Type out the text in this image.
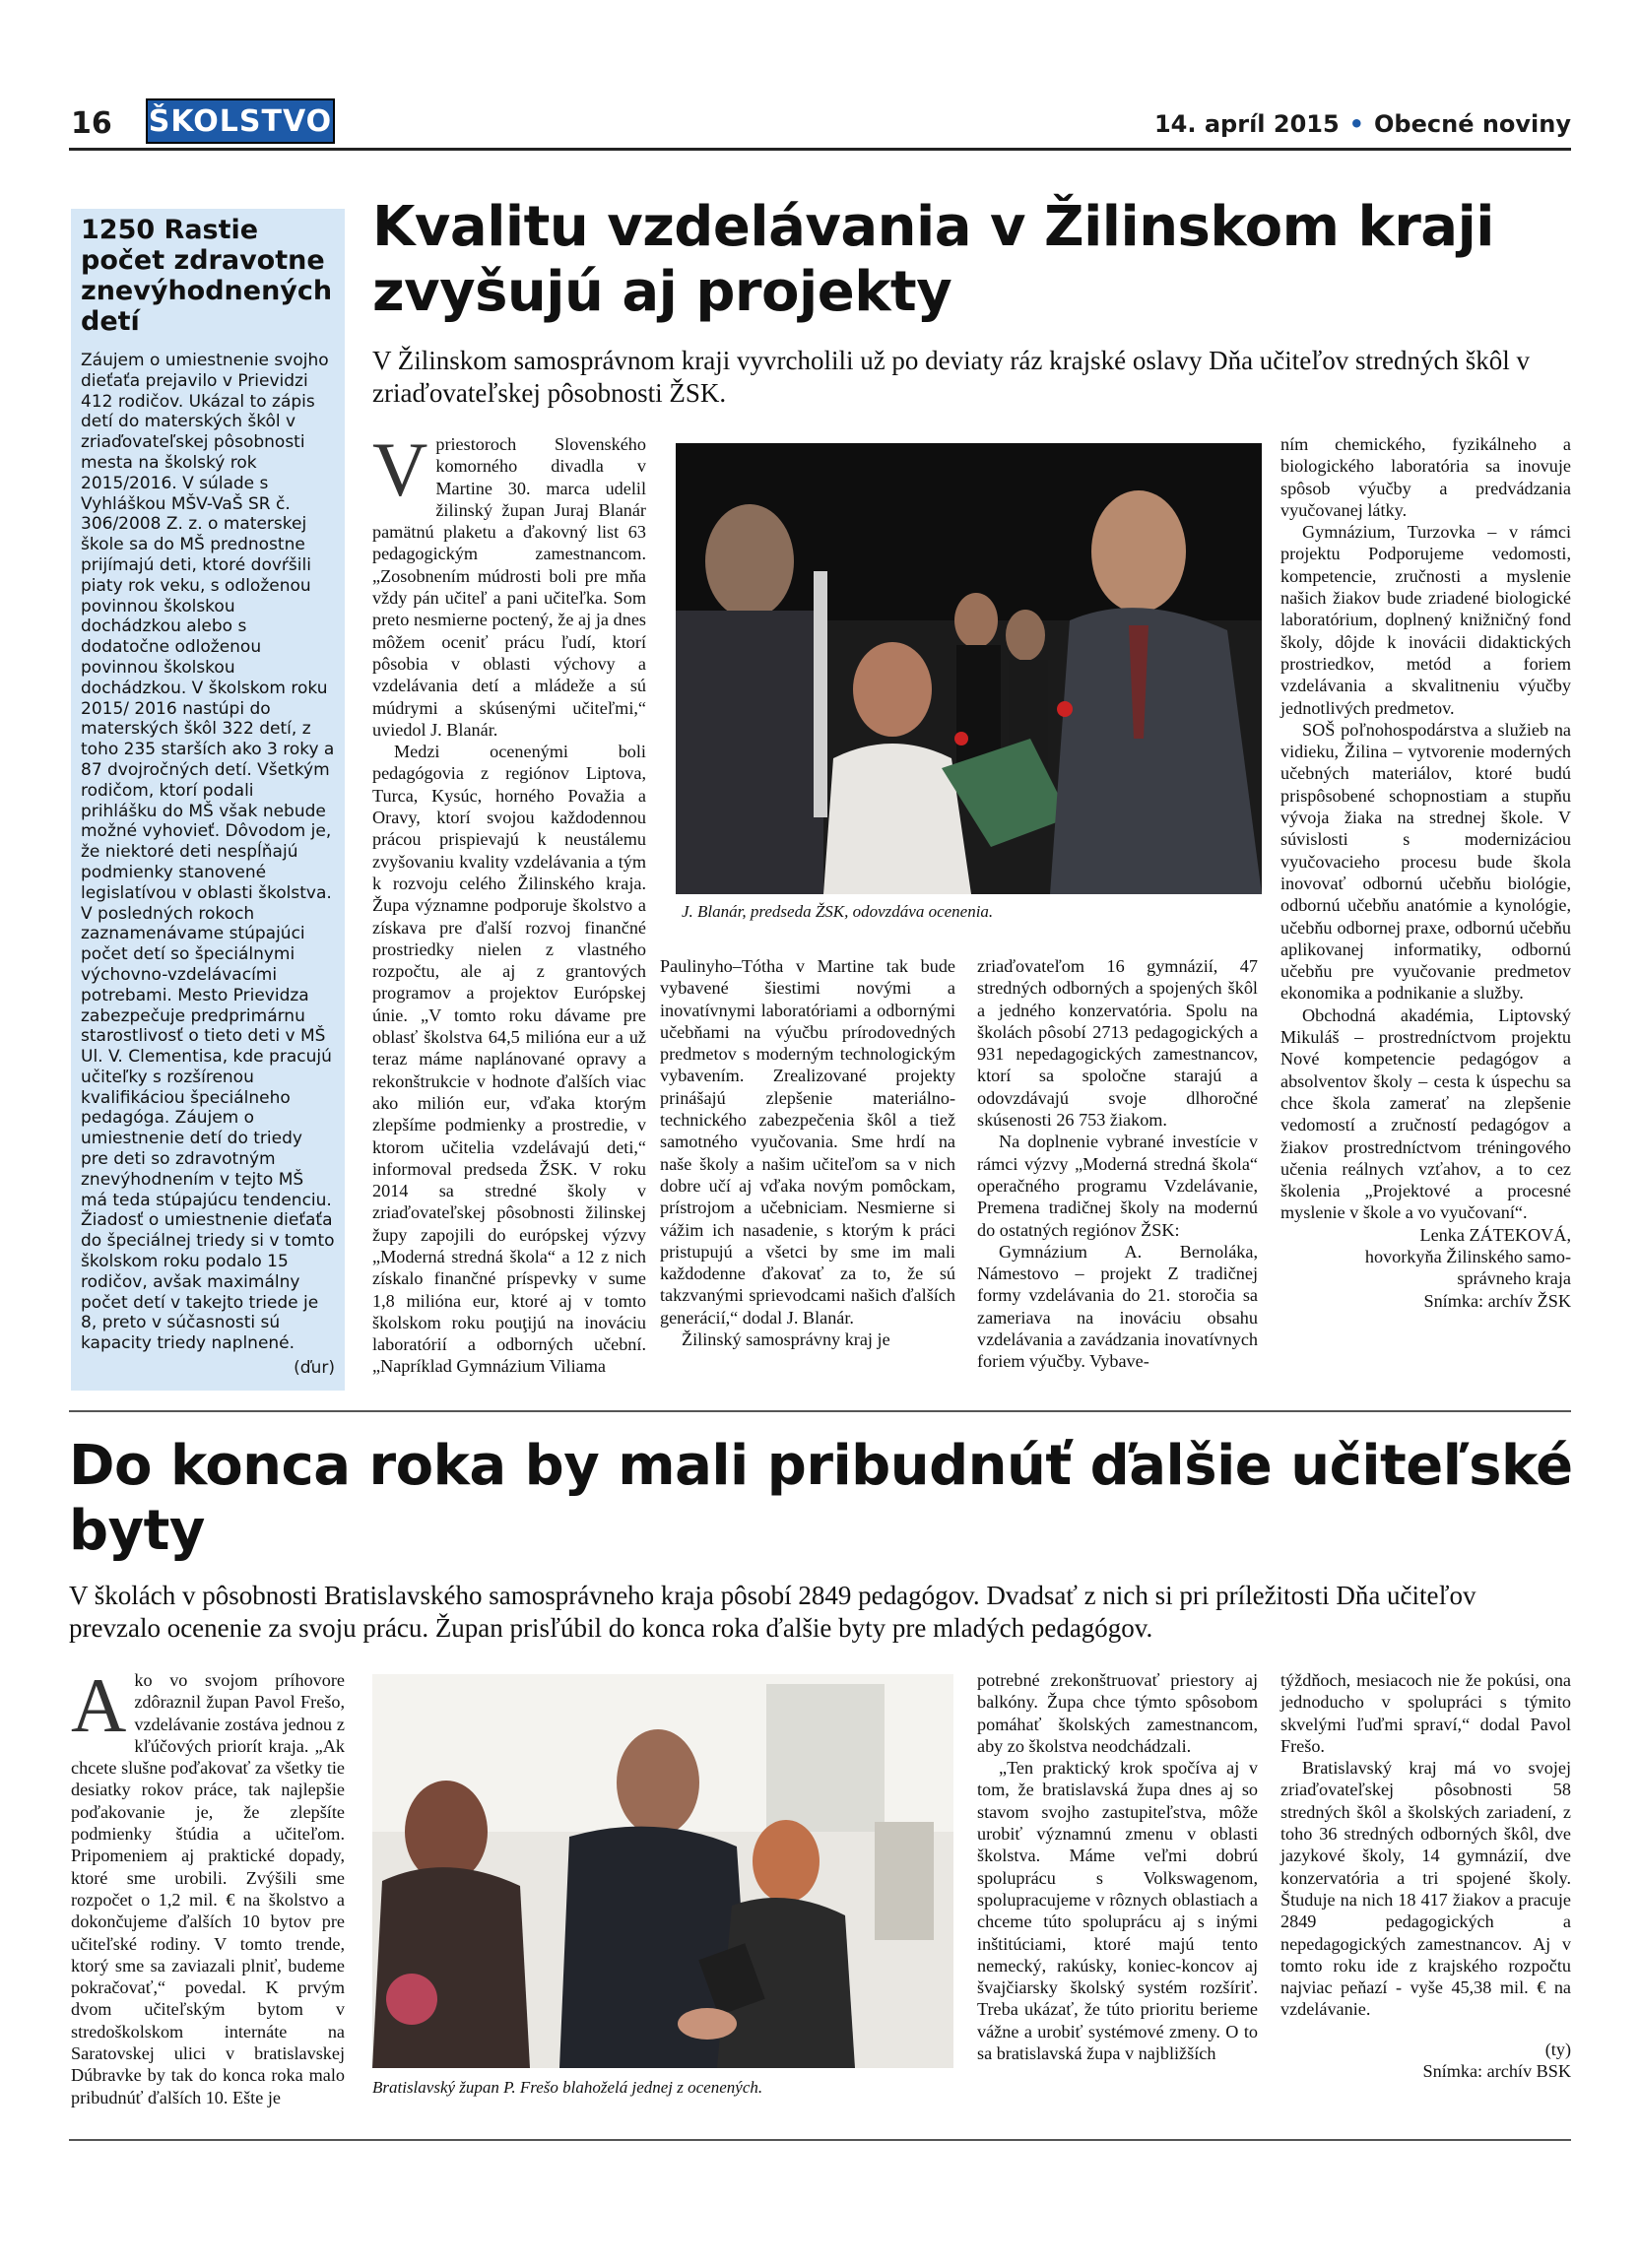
16 ŠKOLSTVO	14. apríl 2015 • Obecné noviny
1250 Rastie počet zdravotne znevýhodnených detí
Záujem o umiestnenie svojho dieťaťa prejavilo v Prievidzi 412 rodičov. Ukázal to zápis detí do materských škôl v zriaďovateľskej pôsobnosti mesta na školský rok 2015/2016. V súlade s Vyhláškou MŠV-VaŠ SR č. 306/2008 Z. z. o materskej škole sa do MŠ prednostne prijímajú deti, ktoré dovŕšili piaty rok veku, s odloženou povinnou školskou dochádzkou alebo s dodatočne odloženou povinnou školskou dochádzkou. V školskom roku 2015/ 2016 nastúpi do materských škôl 322 detí, z toho 235 starších ako 3 roky a 87 dvojročných detí. Všetkým rodičom, ktorí podali prihlášku do MŠ však nebude možné vyhovieť. Dôvodom je, že niektoré deti nespĺňajú podmienky stanovené legislatívou v oblasti školstva. V posledných rokoch zaznamenávame stúpajúci počet detí so špeciálnymi výchovno-vzdelávacími potrebami. Mesto Prievidza zabezpečuje predprimárnu starostlivosť o tieto deti v MŠ Ul. V. Clementisa, kde pracujú učiteľky s rozšírenou kvalifikáciou špeciálneho pedagóga. Záujem o umiestnenie detí do triedy pre deti so zdravotným znevýhodnením v tejto MŠ má teda stúpajúcu tendenciu. Žiadosť o umiestnenie dieťaťa do špeciálnej triedy si v tomto školskom roku podalo 15 rodičov, avšak maximálny počet detí v takejto triede je 8, preto v súčasnosti sú kapacity triedy naplnené.
(ďur)
Kvalitu vzdelávania v Žilinskom kraji zvyšujú aj projekty
V Žilinskom samosprávnom kraji vyvrcholili už po deviaty ráz krajské oslavy Dňa učiteľov stredných škôl v zriaďovateľskej pôsobnosti ŽSK.
V priestoroch Slovenského komorného divadla v Martine 30. marca udelil žilinský župan Juraj Blanár pamätnú plaketu a ďakovný list 63 pedagogickým zamestnancom. „Zosobnením múdrosti boli pre mňa vždy pán učiteľ a pani učiteľka. Som preto nesmierne poctený, že aj ja dnes môžem oceniť prácu ľudí, ktorí pôsobia v oblasti výchovy a vzdelávania detí a mládeže a sú múdrymi a skúsenými učiteľmi,“ uviedol J. Blanár.

Medzi ocenenými boli pedagógovia z regiónov Liptova, Turca, Kysúc, horného Považia a Oravy, ktorí svojou každodennou prácou prispievajú k neustálemu zvyšovaniu kvality vzdelávania a tým k rozvoju celého Žilinského kraja. Župa významne podporuje školstvo a získava pre ďalší rozvoj finančné prostriedky nielen z vlastného rozpočtu, ale aj z grantových programov a projektov Európskej únie. „V tomto roku dávame pre oblasť školstva 64,5 milióna eur a už teraz máme naplánované opravy a rekonštrukcie v hodnote ďalších viac ako milión eur, vďaka ktorým zlepšíme podmienky a prostredie, v ktorom učitelia vzdelávajú deti,“ informoval predseda ŽSK. V roku 2014 sa stredné školy v zriaďovateľskej pôsobnosti žilinskej župy zapojili do európskej výzvy „Moderná stredná škola“ a 12 z nich získalo finančné príspevky v sume 1,8 milióna eur, ktoré aj v tomto školskom roku pouţijú na inováciu laboratórií a odborných učební. „Napríklad Gymnázium Viliama

J. Blanár, predseda ŽSK, odovzdáva ocenenia.

Paulinyho–Tótha v Martine tak bude vybavené šiestimi novými a inovatívnymi laboratóriami a odbornými učebňami na výučbu prírodovedných predmetov s moderným technologickým vybavením. Zrealizované projekty prinášajú zlepšenie materiálno-technického zabezpečenia škôl a tiež samotného vyučovania. Sme hrdí na naše školy a našim učiteľom sa v nich dobre učí aj vďaka novým pomôckam, prístrojom a učebniciam. Nesmierne si vážim ich nasadenie, s ktorým k práci pristupujú a všetci by sme im mali každodenne ďakovať za to, že sú takzvanými sprievodcami našich ďalších generácií,“ dodal J. Blanár.

Žilinský samosprávny kraj je

zriaďovateľom 16 gymnázií, 47 stredných odborných a spojených škôl a jedného konzervatória. Spolu na školách pôsobí 2713 pedagogických a 931 nepedagogických zamestnancov, ktorí sa spoločne starajú a odovzdávajú svoje dlhoročné skúsenosti 26 753 žiakom.

Na doplnenie vybrané investície v rámci výzvy „Moderná stredná škola“ operačného programu Vzdelávanie, Premena tradičnej školy na modernú do ostatných regiónov ŽSK:

Gymnázium A. Bernoláka, Námestovo – projekt Z tradičnej formy vzdelávania do 21. storočia sa zameriava na inováciu obsahu vzdelávania a zavádzania inovatívnych foriem výučby. Vybave-

ním chemického, fyzikálneho a biologického laboratória sa inovuje spôsob výučby a predvádzania vyučovanej látky.

Gymnázium, Turzovka – v rámci projektu Podporujeme vedomosti, kompetencie, zručnosti a myslenie našich žiakov bude zriadené biologické laboratórium, doplnený knižničný fond školy, dôjde k inovácii didaktických prostriedkov, metód a foriem vzdelávania a skvalitneniu výučby jednotlivých predmetov.

SOŠ poľnohospodárstva a služieb na vidieku, Žilina – vytvorenie moderných učebných materiálov, ktoré budú prispôsobené schopnostiam a stupňu vývoja žiaka na strednej škole. V súvislosti s modernizáciou vyučovacieho procesu bude škola inovovať odbornú učebňu biológie, odbornú učebňu anatómie a kynológie, učebňu odbornej praxe, odbornú učebňu aplikovanej informatiky, odbornú učebňu pre vyučovanie predmetov ekonomika a podnikanie a služby.

Obchodná akadémia, Liptovský Mikuláš – prostredníctvom projektu Nové kompetencie pedagógov a absolventov školy – cesta k úspechu sa chce škola zamerať na zlepšenie vedomostí a zručností pedagógov a žiakov prostredníctvom tréningového učenia reálnych vzťahov, a to cez školenia „Projektové a procesné myslenie v škole a vo vyučovaní“.

Lenka ZÁTEKOVÁ,
hovorkyňa Žilinského samo-
správneho kraja
Snímka: archív ŽSK
Do konca roka by mali pribudnúť ďalšie učiteľské byty
V školách v pôsobnosti Bratislavského samosprávneho kraja pôsobí 2849 pedagógov. Dvadsať z nich si pri príležitosti Dňa učiteľov prevzalo ocenenie za svoju prácu. Župan prisľúbil do konca roka ďalšie byty pre mladých pedagógov.
A ko vo svojom príhovore zdôraznil župan Pavol Frešo, vzdelávanie zostáva jednou z kľúčových priorít kraja. „Ak chcete slušne poďakovať za všetky tie desiatky rokov práce, tak najlepšie poďakovanie je, že zlepšíte podmienky štúdia a učiteľom. Pripomeniem aj praktické dopady, ktoré sme urobili. Zvýšili sme rozpočet o 1,2 mil. € na školstvo a dokončujeme ďalších 10 bytov pre učiteľské rodiny. V tomto trende, ktorý sme sa zaviazali plniť, budeme pokračovať,“ povedal. K prvým dvom učiteľským bytom v stredoškolskom internáte na Saratovskej ulici v bratislavskej Dúbravke by tak do konca roka malo pribudnúť ďalších 10. Ešte je

Bratislavský župan P. Frešo blahoželá jednej z ocenených.

potrebné zrekonštruovať priestory aj balkóny. Župa chce týmto spôsobom pomáhať školských zamestnancom, aby zo školstva neodchádzali.

„Ten praktický krok spočíva aj v tom, že bratislavská župa dnes aj so stavom svojho zastupiteľstva, môže urobiť významnú zmenu v oblasti školstva. Máme veľmi dobrú spoluprácu s Volkswagenom, spolupracujeme v rôznych oblastiach a chceme túto spoluprácu aj s inými inštitúciami, ktoré majú tento nemecký, rakúsky, koniec-koncov aj švajčiarsky školský systém rozšíriť. Treba ukázať, že túto prioritu berieme vážne a urobiť systémové zmeny. O to sa bratislavská župa v najbližších

týždňoch, mesiacoch nie že pokúsi, ona jednoducho v spolupráci s týmito skvelými ľuďmi spraví,“ dodal Pavol Frešo.

Bratislavský kraj má vo svojej zriaďovateľskej pôsobnosti 58 stredných škôl a školských zariadení, z toho 36 stredných odborných škôl, dve jazykové školy, 14 gymnázií, dve konzervatória a tri spojené školy. Študuje na nich 18 417 žiakov a pracuje 2849 pedagogických a nepedagogických zamestnancov. Aj v tomto roku ide z krajského rozpočtu najviac peňazí - vyše 45,38 mil. € na vzdelávanie.

(ty)
Snímka: archív BSK
